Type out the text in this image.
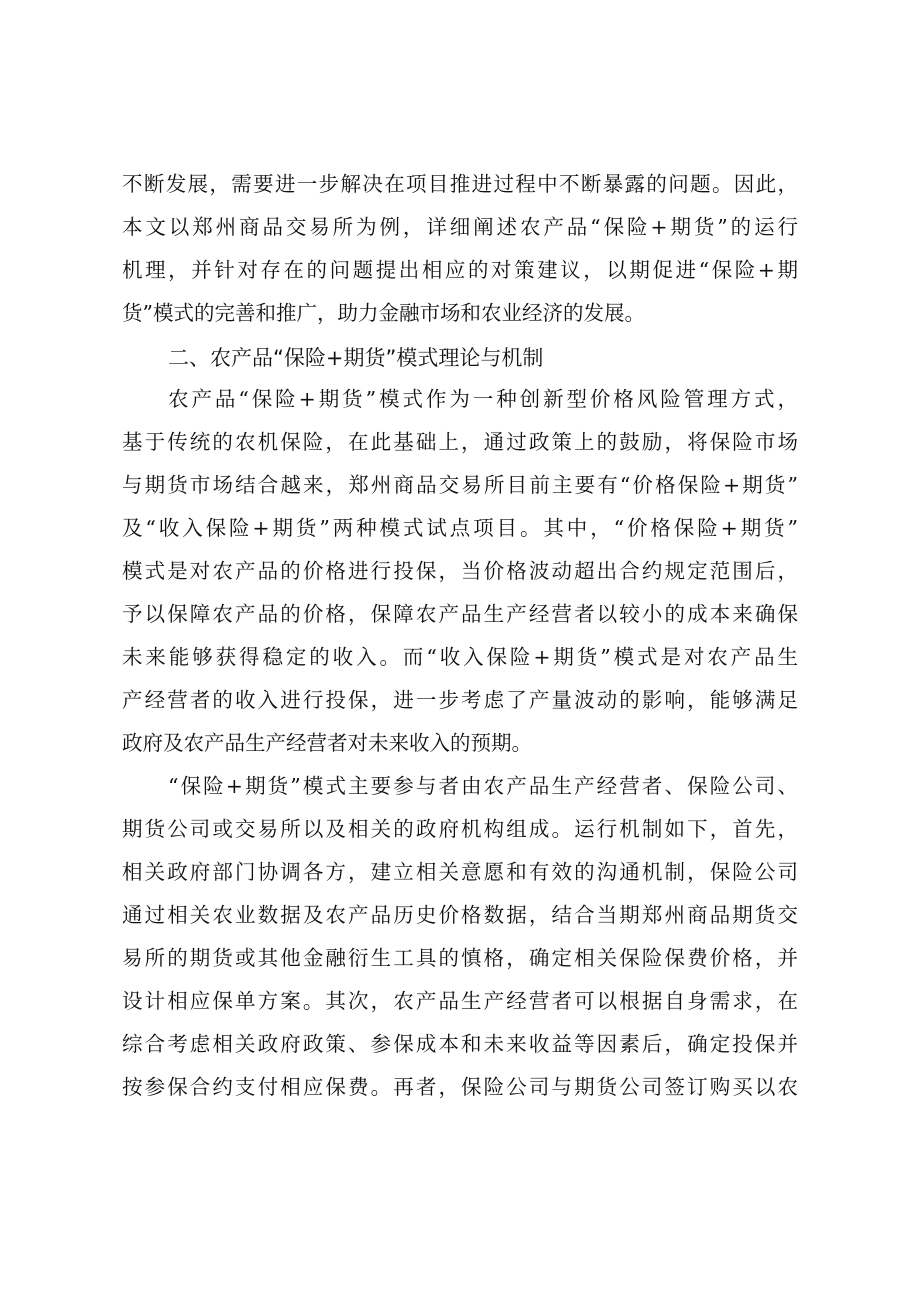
不断发展，需要进一步解决在项目推进过程中不断暴露的问题。因此，
本文以郑州商品交易所为例，详细阐述农产品“保险+期货”的运行
机理，并针对存在的问题提出相应的对策建议，以期促进“保险+期
货”模式的完善和推广，助力金融市场和农业经济的发展。
二、农产品“保险+期货”模式理论与机制
农产品“保险+期货”模式作为一种创新型价格风险管理方式，
基于传统的农机保险，在此基础上，通过政策上的鼓励，将保险市场
与期货市场结合越来，郑州商品交易所目前主要有“价格保险+期货”
及“收入保险+期货”两种模式试点项目。其中，“价格保险+期货”
模式是对农产品的价格进行投保，当价格波动超出合约规定范围后，
予以保障农产品的价格，保障农产品生产经营者以较小的成本来确保
未来能够获得稳定的收入。而“收入保险+期货”模式是对农产品生
产经营者的收入进行投保，进一步考虑了产量波动的影响，能够满足
政府及农产品生产经营者对未来收入的预期。
“保险+期货”模式主要参与者由农产品生产经营者、保险公司、
期货公司或交易所以及相关的政府机构组成。运行机制如下，首先，
相关政府部门协调各方，建立相关意愿和有效的沟通机制，保险公司
通过相关农业数据及农产品历史价格数据，结合当期郑州商品期货交
易所的期货或其他金融衍生工具的慎格，确定相关保险保费价格，并
设计相应保单方案。其次，农产品生产经营者可以根据自身需求，在
综合考虑相关政府政策、参保成本和未来收益等因素后，确定投保并
按参保合约支付相应保费。再者，保险公司与期货公司签订购买以农
